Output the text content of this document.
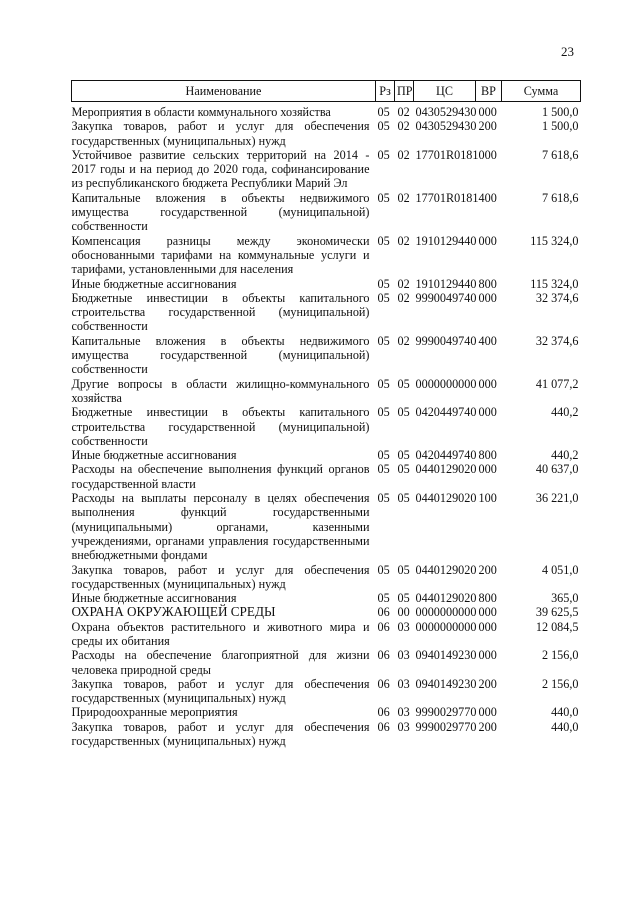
23
Наименование	Рз	ПР	ЦС	ВР	Сумма
Мероприятия в области коммунального хозяйства	05	02	0430529430	000	1 500,0
Закупка товаров, работ и услуг для обеспечения государственных (муниципальных) нужд	05	02	0430529430	200	1 500,0
Устойчивое развитие сельских территорий на 2014 - 2017 годы и на период до 2020 года, софинансирование из республиканского бюджета Республики Марий Эл	05	02	17701R0181	000	7 618,6
Капитальные вложения в объекты недвижимого имущества государственной (муниципальной) собственности	05	02	17701R0181	400	7 618,6
Компенсация разницы между экономически обоснованными тарифами на коммунальные услуги и тарифами, установленными для населения	05	02	1910129440	000	115 324,0
Иные бюджетные ассигнования	05	02	1910129440	800	115 324,0
Бюджетные инвестиции в объекты капитального строительства государственной (муниципальной) собственности	05	02	9990049740	000	32 374,6
Капитальные вложения в объекты недвижимого имущества государственной (муниципальной) собственности	05	02	9990049740	400	32 374,6
Другие вопросы в области жилищно-коммунального хозяйства	05	05	0000000000	000	41 077,2
Бюджетные инвестиции в объекты капитального строительства государственной (муниципальной) собственности	05	05	0420449740	000	440,2
Иные бюджетные ассигнования	05	05	0420449740	800	440,2
Расходы на обеспечение выполнения функций органов государственной власти	05	05	0440129020	000	40 637,0
Расходы на выплаты персоналу в целях обеспечения выполнения функций государственными (муниципальными) органами, казенными учреждениями, органами управления государственными внебюджетными фондами	05	05	0440129020	100	36 221,0
Закупка товаров, работ и услуг для обеспечения государственных (муниципальных) нужд	05	05	0440129020	200	4 051,0
Иные бюджетные ассигнования	05	05	0440129020	800	365,0
ОХРАНА ОКРУЖАЮЩЕЙ СРЕДЫ	06	00	0000000000	000	39 625,5
Охрана объектов растительного и животного мира и среды их обитания	06	03	0000000000	000	12 084,5
Расходы на обеспечение благоприятной для жизни человека природной среды	06	03	0940149230	000	2 156,0
Закупка товаров, работ и услуг для обеспечения государственных (муниципальных) нужд	06	03	0940149230	200	2 156,0
Природоохранные мероприятия	06	03	9990029770	000	440,0
Закупка товаров, работ и услуг для обеспечения государственных (муниципальных) нужд	06	03	9990029770	200	440,0
